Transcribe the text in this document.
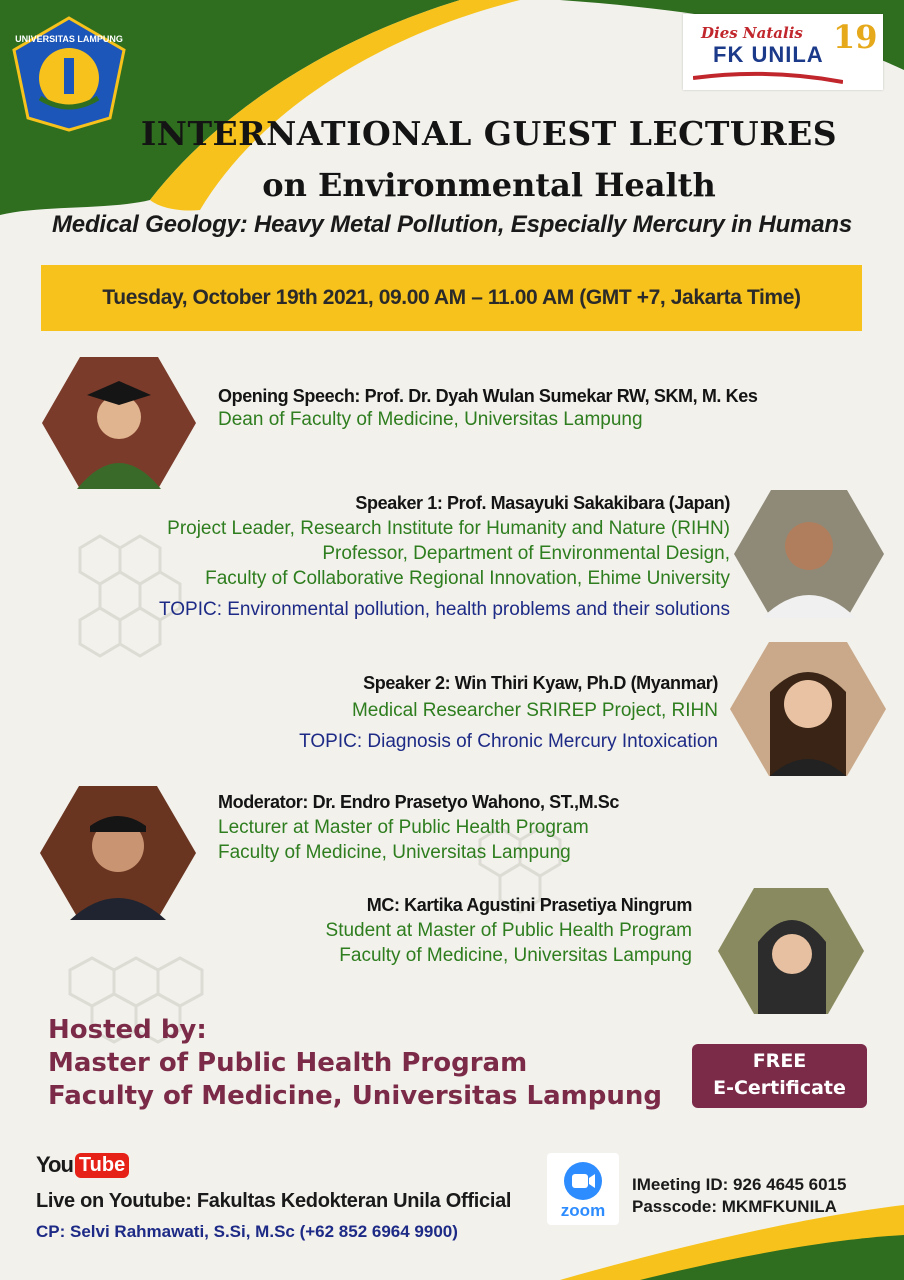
UNIVERSITAS LAMPUNG	Dies Natalis
FK UNILA 19
INTERNATIONAL GUEST LECTURES
on Environmental Health
Medical Geology: Heavy Metal Pollution, Especially Mercury in Humans
Tuesday, October 19th 2021, 09.00 AM – 11.00 AM (GMT +7, Jakarta Time)
Opening Speech: Prof. Dr. Dyah Wulan Sumekar RW, SKM, M. Kes
Dean of Faculty of Medicine, Universitas Lampung
Speaker 1: Prof. Masayuki Sakakibara (Japan)
Project Leader, Research Institute for Humanity and Nature (RIHN)
Professor, Department of Environmental Design,
Faculty of Collaborative Regional Innovation, Ehime University
TOPIC: Environmental pollution, health problems and their solutions
Speaker 2: Win Thiri Kyaw, Ph.D (Myanmar)
Medical Researcher SRIREP Project, RIHN
TOPIC: Diagnosis of Chronic Mercury Intoxication
Moderator: Dr. Endro Prasetyo Wahono, ST.,M.Sc
Lecturer at Master of Public Health Program
Faculty of Medicine, Universitas Lampung
MC: Kartika Agustini Prasetiya Ningrum
Student at Master of Public Health Program
Faculty of Medicine, Universitas Lampung
Hosted by:
Master of Public Health Program
Faculty of Medicine, Universitas Lampung
FREE
E-Certificate
You Tube
Live on Youtube: Fakultas Kedokteran Unila Official
CP: Selvi Rahmawati, S.Si, M.Sc (+62 852 6964 9900)
zoom
IMeeting ID: 926 4645 6015
Passcode: MKMFKUNILA
